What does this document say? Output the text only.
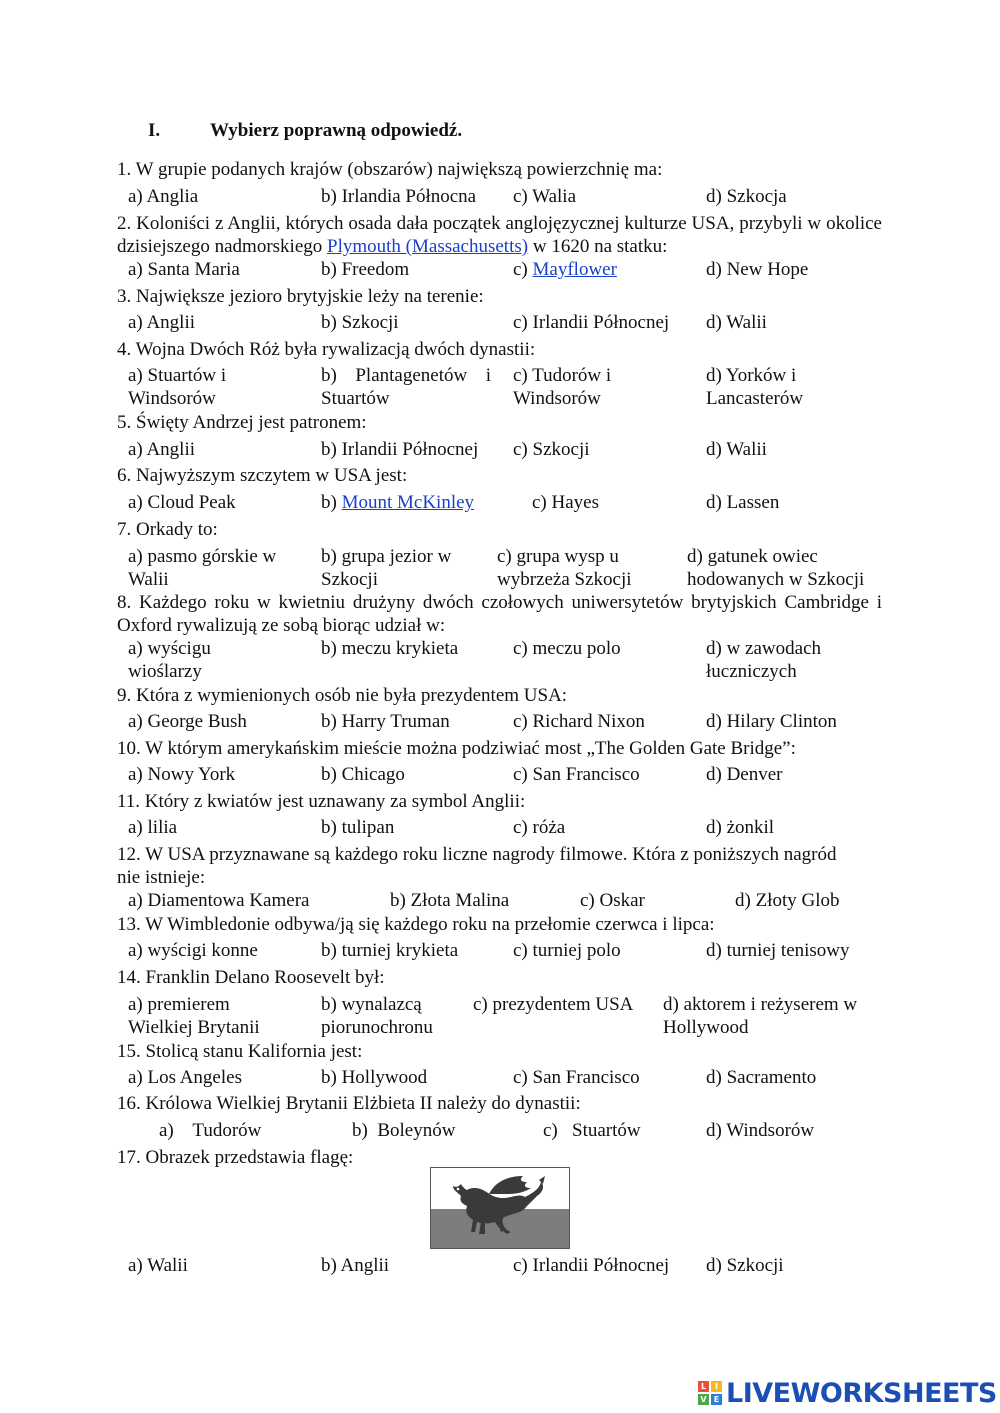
I.	Wybierz poprawną odpowiedź.
1. W grupie podanych krajów (obszarów) największą powierzchnię ma:
a) Anglia	b) Irlandia Północna c) Walia	d) Szkocja
2. Koloniści z Anglii, których osada dała początek anglojęzycznej kulturze USA, przybyli w okolice dzisiejszego nadmorskiego Plymouth (Massachusetts) w 1620 na statku:
a) Santa Maria	b) Freedom	c) Mayflower	d) New Hope
3. Największe jezioro brytyjskie leży na terenie:
a) Anglii	b) Szkocji	c) Irlandii Północnej d) Walii
4. Wojna Dwóch Róż była rywalizacją dwóch dynastii:
a) Stuartów i Windsorów
b) Plantagenetów i Stuartów
c) Tudorów i Windsorów
d) Yorków i Lancasterów
5. Święty Andrzej jest patronem:
a) Anglii	b) Irlandii Północnej c) Szkocji	d) Walii
6. Najwyższym szczytem w USA jest:
a) Cloud Peak	b) Mount McKinley	c) Hayes	d) Lassen
7. Orkady to:
a) pasmo górskie w Walii
b) grupa jezior w Szkocji
c) grupa wysp u wybrzeża Szkocji
d) gatunek owiec hodowanych w Szkocji
8. Każdego roku w kwietniu drużyny dwóch czołowych uniwersytetów brytyjskich Cambridge i Oxford rywalizują ze sobą biorąc udział w:
a) wyścigu wioślarzy
b) meczu krykieta	c) meczu polo	d) w zawodach łuczniczych
9. Która z wymienionych osób nie była prezydentem USA:
a) George Bush	b) Harry Truman	c) Richard Nixon	d) Hilary Clinton
10. W którym amerykańskim mieście można podziwiać most „The Golden Gate Bridge”:
a) Nowy York	b) Chicago	c) San Francisco	d) Denver
11. Który z kwiatów jest uznawany za symbol Anglii:
a) lilia	b) tulipan	c) róża	d) żonkil
12. W USA przyznawane są każdego roku liczne nagrody filmowe. Która z poniższych nagród nie istnieje:
a) Diamentowa Kamera	b) Złota Malina	c) Oskar	d) Złoty Glob
13. W Wimbledonie odbywa/ją się każdego roku na przełomie czerwca i lipca:
a) wyścigi konne	b) turniej krykieta	c) turniej polo	d) turniej tenisowy
14. Franklin Delano Roosevelt był:
a) premierem Wielkiej Brytanii
b) wynalazcą piorunochronu
c) prezydentem USA d) aktorem i reżyserem w Hollywood
15. Stolicą stanu Kalifornia jest:
a) Los Angeles	b) Hollywood	c) San Francisco	d) Sacramento
16. Królowa Wielkiej Brytanii Elżbieta II należy do dynastii:
a)    Tudorów	b)  Boleynów	c)   Stuartów	d) Windsorów
17. Obrazek przedstawia flagę:
a) Walii	b) Anglii	c) Irlandii Północnej d) Szkocji
L	I
V E LIVEWORKSHEETS
